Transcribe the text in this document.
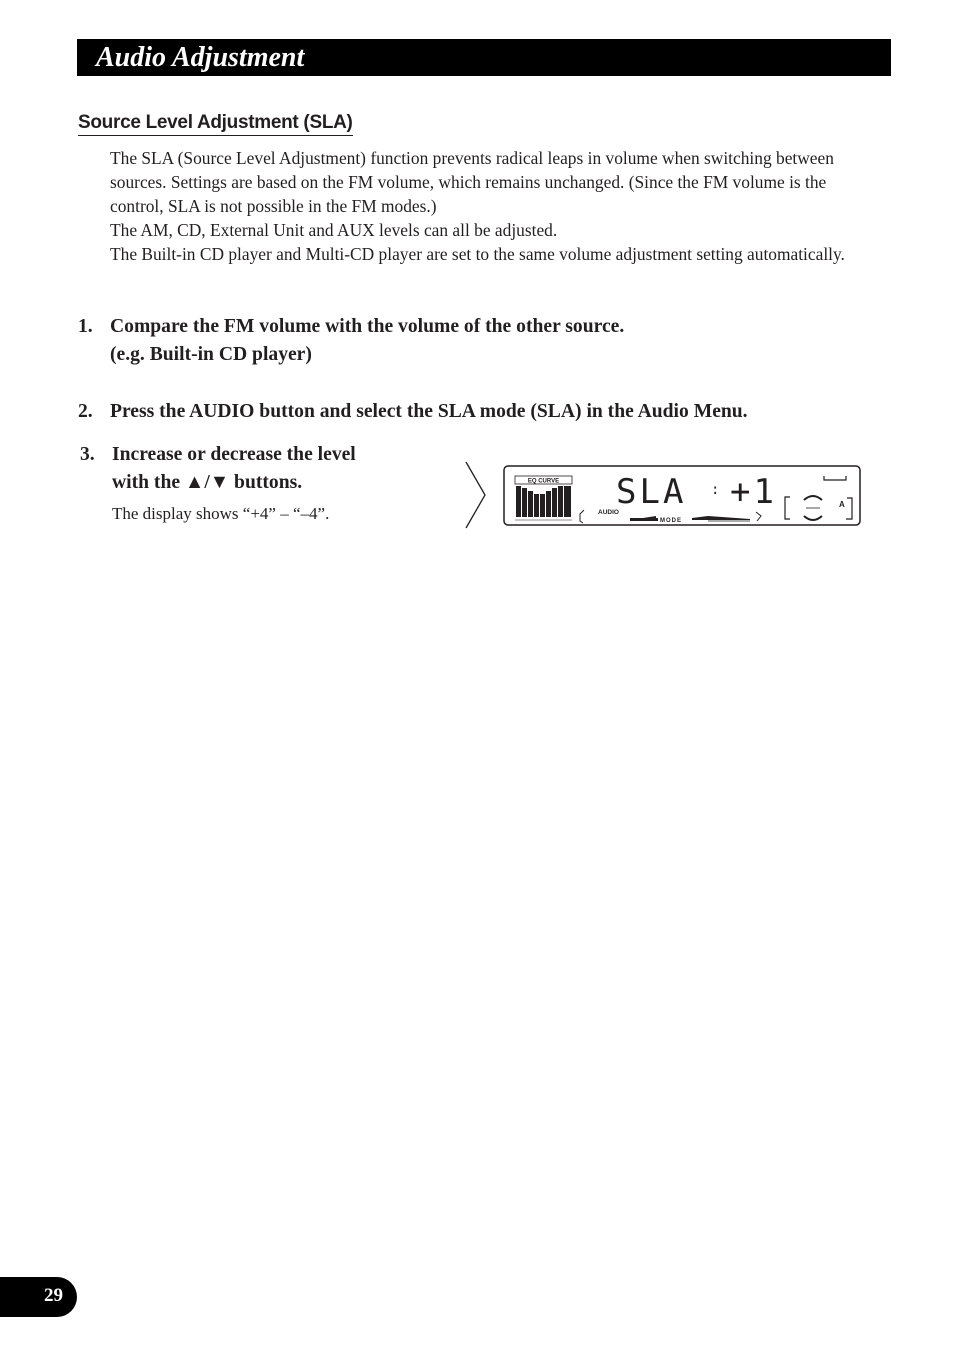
Audio Adjustment
Source Level Adjustment (SLA)

The SLA (Source Level Adjustment) function prevents radical leaps in volume when switching between sources. Settings are based on the FM volume, which remains unchanged. (Since the FM volume is the control, SLA is not possible in the FM modes.)

The AM, CD, External Unit and AUX levels can all be adjusted.

The Built-in CD player and Multi-CD player are set to the same volume adjustment setting automatically.

1. Compare the FM volume with the volume of the other source.
(e.g. Built-in CD player)
2. Press the AUDIO button and select the SLA mode (SLA) in the Audio Menu.
3. Increase or decrease the level
with the ▲/▼ buttons.
The display shows “+4” – “–4”.
EQ CURVE SLA : +1
AUDIO
MODE
A
29
